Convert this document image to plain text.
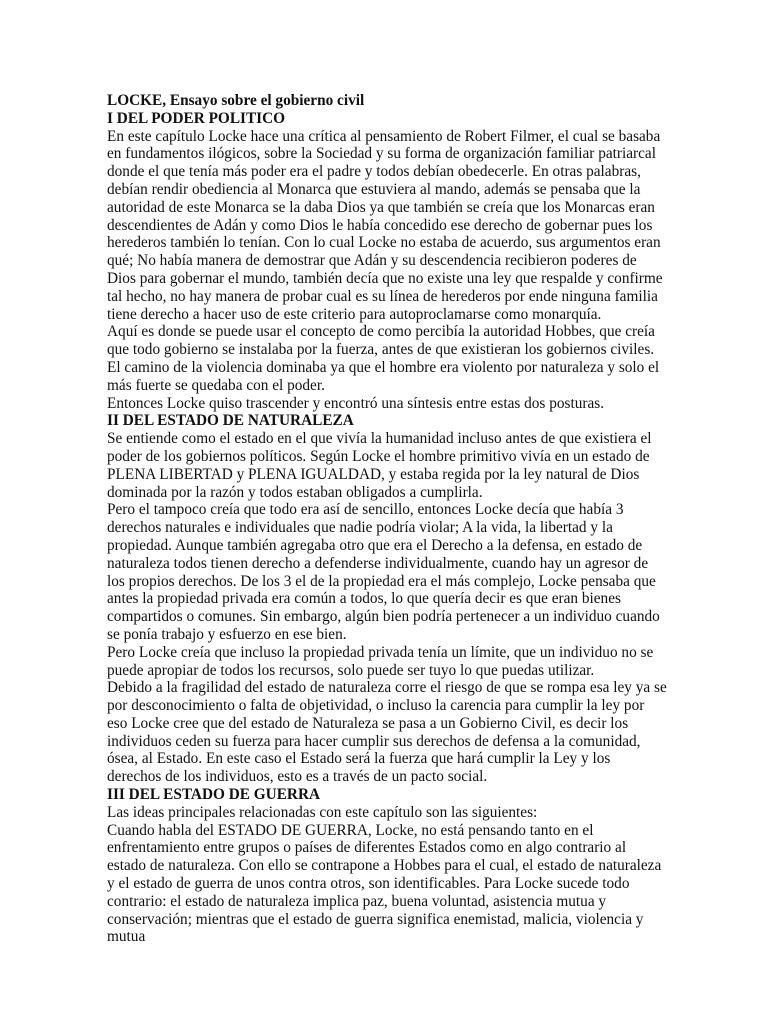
LOCKE, Ensayo sobre el gobierno civil
I DEL PODER POLITICO

En este capítulo Locke hace una crítica al pensamiento de Robert Filmer, el cual se basaba en fundamentos ilógicos, sobre la Sociedad y su forma de organización familiar patriarcal donde el que tenía más poder era el padre y todos debían obedecerle. En otras palabras, debían rendir obediencia al Monarca que estuviera al mando, además se pensaba que la autoridad de este Monarca se la daba Dios ya que también se creía que los Monarcas eran descendientes de Adán y como Dios le había concedido ese derecho de gobernar pues los herederos también lo tenían. Con lo cual Locke no estaba de acuerdo, sus argumentos eran qué; No había manera de demostrar que Adán y su descendencia recibieron poderes de Dios para gobernar el mundo, también decía que no existe una ley que respalde y confirme tal hecho, no hay manera de probar cual es su línea de herederos por ende ninguna familia tiene derecho a hacer uso de este criterio para autoproclamarse como monarquía.

Aquí es donde se puede usar el concepto de como percibía la autoridad Hobbes, que creía que todo gobierno se instalaba por la fuerza, antes de que existieran los gobiernos civiles. El camino de la violencia dominaba ya que el hombre era violento por naturaleza y solo el más fuerte se quedaba con el poder.

Entonces Locke quiso trascender y encontró una síntesis entre estas dos posturas.

II DEL ESTADO DE NATURALEZA

Se entiende como el estado en el que vivía la humanidad incluso antes de que existiera el poder de los gobiernos políticos. Según Locke el hombre primitivo vivía en un estado de PLENA LIBERTAD y PLENA IGUALDAD, y estaba regida por la ley natural de Dios dominada por la razón y todos estaban obligados a cumplirla.

Pero el tampoco creía que todo era así de sencillo, entonces Locke decía que había 3 derechos naturales e individuales que nadie podría violar; A la vida, la libertad y la propiedad. Aunque también agregaba otro que era el Derecho a la defensa, en estado de naturaleza todos tienen derecho a defenderse individualmente, cuando hay un agresor de los propios derechos. De los 3 el de la propiedad era el más complejo, Locke pensaba que antes la propiedad privada era común a todos, lo que quería decir es que eran bienes compartidos o comunes. Sin embargo, algún bien podría pertenecer a un individuo cuando se ponía trabajo y esfuerzo en ese bien.

Pero Locke creía que incluso la propiedad privada tenía un límite, que un individuo no se puede apropiar de todos los recursos, solo puede ser tuyo lo que puedas utilizar.

Debido a la fragilidad del estado de naturaleza corre el riesgo de que se rompa esa ley ya se por desconocimiento o falta de objetividad, o incluso la carencia para cumplir la ley por eso Locke cree que del estado de Naturaleza se pasa a un Gobierno Civil, es decir los individuos ceden su fuerza para hacer cumplir sus derechos de defensa a la comunidad, ósea, al Estado. En este caso el Estado será la fuerza que hará cumplir la Ley y los derechos de los individuos, esto es a través de un pacto social.

III DEL ESTADO DE GUERRA

Las ideas principales relacionadas con este capítulo son las siguientes:

Cuando habla del ESTADO DE GUERRA, Locke, no está pensando tanto en el enfrentamiento entre grupos o países de diferentes Estados como en algo contrario al estado de naturaleza. Con ello se contrapone a Hobbes para el cual, el estado de naturaleza y el estado de guerra de unos contra otros, son identificables. Para Locke sucede todo contrario: el estado de naturaleza implica paz, buena voluntad, asistencia mutua y conservación; mientras que el estado de guerra significa enemistad, malicia, violencia y mutua
